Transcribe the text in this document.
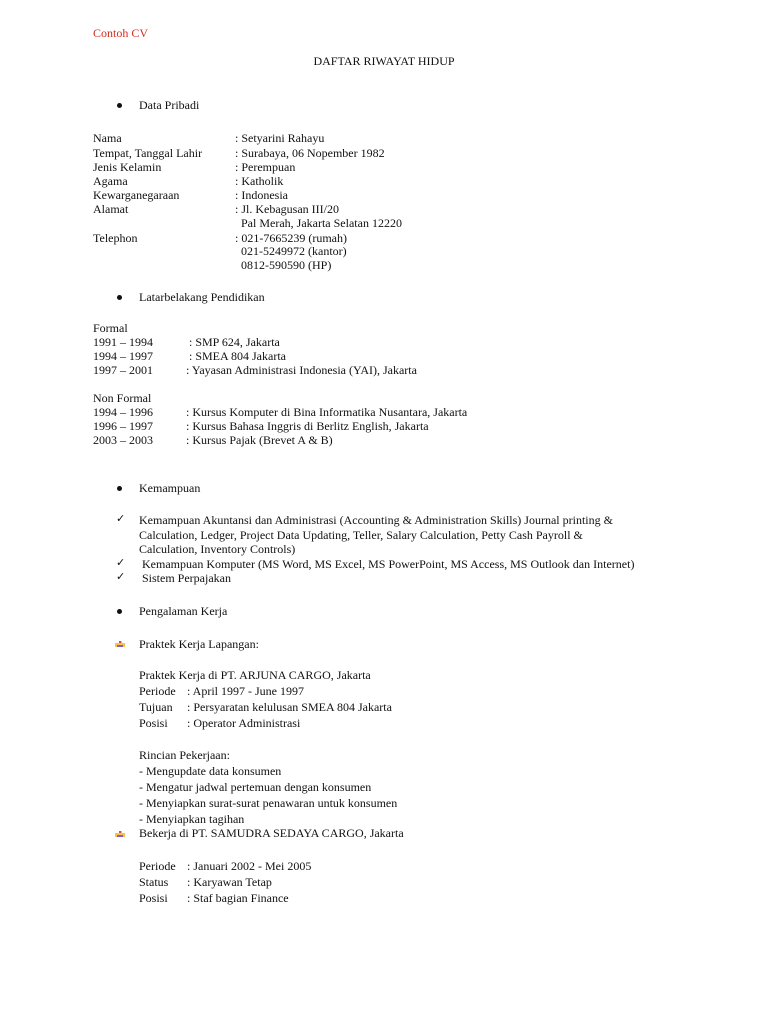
Contoh CV
DAFTAR RIWAYAT HIDUP
Data Pribadi
Nama	: Setyarini Rahayu
Tempat, Tanggal Lahir	: Surabaya, 06 Nopember 1982
Jenis Kelamin	: Perempuan
Agama	: Katholik
Kewarganegaraan	: Indonesia
Alamat	: Jl. Kebagusan III/20
Pal Merah, Jakarta Selatan 12220
Telephon	: 021-7665239 (rumah)
021-5249972 (kantor)
0812-590590 (HP)
Latarbelakang Pendidikan
Formal
1991 – 1994	: SMP 624, Jakarta
1994 – 1997	: SMEA 804 Jakarta
1997 – 2001	: Yayasan Administrasi Indonesia (YAI), Jakarta
Non Formal
1994 – 1996	: Kursus Komputer di Bina Informatika Nusantara, Jakarta
1996 – 1997	: Kursus Bahasa Inggris di Berlitz English, Jakarta
2003 – 2003	: Kursus Pajak (Brevet A & B)
Kemampuan
✓ Kemampuan Akuntansi dan Administrasi (Accounting & Administration Skills) Journal printing &
Calculation, Ledger, Project Data Updating, Teller, Salary Calculation, Petty Cash Payroll &
Calculation, Inventory Controls)
✓ Kemampuan Komputer (MS Word, MS Excel, MS PowerPoint, MS Access, MS Outlook dan Internet)
✓ Sistem Perpajakan
Pengalaman Kerja
Praktek Kerja Lapangan:
Praktek Kerja di PT. ARJUNA CARGO, Jakarta
Periode : April 1997 - June 1997
Tujuan : Persyaratan kelulusan SMEA 804 Jakarta
Posisi : Operator Administrasi
Rincian Pekerjaan:
- Mengupdate data konsumen
- Mengatur jadwal pertemuan dengan konsumen
- Menyiapkan surat-surat penawaran untuk konsumen
- Menyiapkan tagihan
Bekerja di PT. SAMUDRA SEDAYA CARGO, Jakarta
Periode : Januari 2002 - Mei 2005
Status : Karyawan Tetap
Posisi : Staf bagian Finance
